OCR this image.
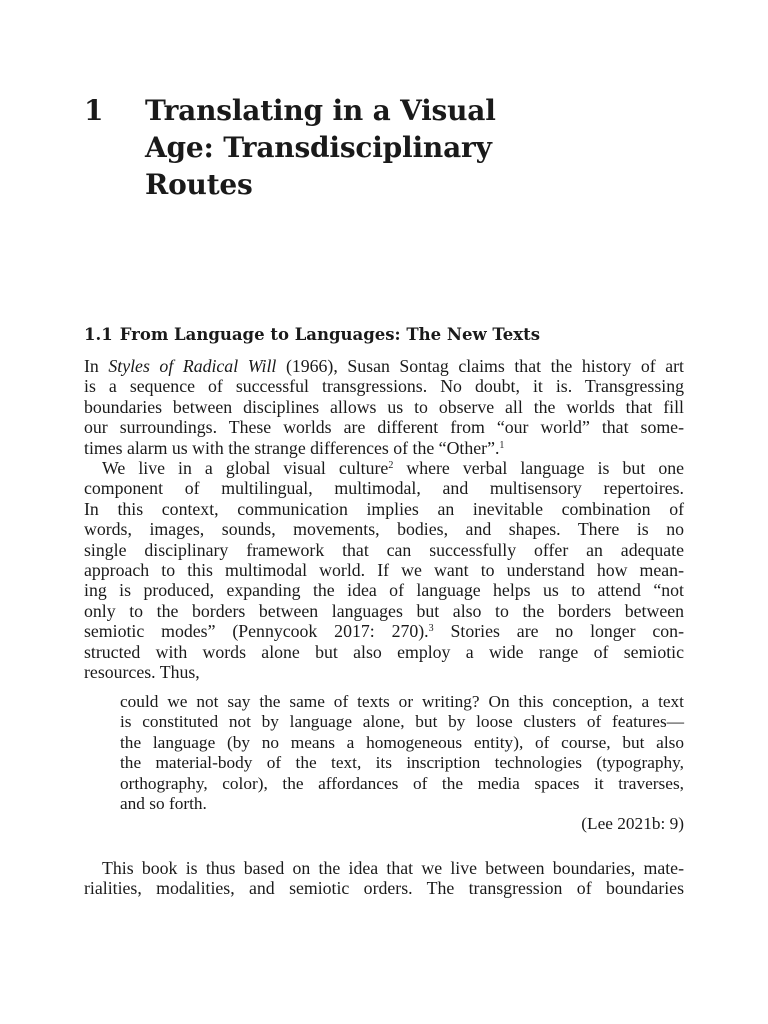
1	Translating in a Visual
Age: Transdisciplinary
Routes
1.1 From Language to Languages: The New Texts
In Styles of Radical Will (1966), Susan Sontag claims that the history of art
is a sequence of successful transgressions. No doubt, it is. Transgressing
boundaries between disciplines allows us to observe all the worlds that fill
our surroundings. These worlds are different from “our world” that some-
times alarm us with the strange differences of the “Other”.$^1$
We live in a global visual culture$^2$ where verbal language is but one
component of multilingual, multimodal, and multisensory repertoires.
In this context, communication implies an inevitable combination of
words, images, sounds, movements, bodies, and shapes. There is no
single disciplinary framework that can successfully offer an adequate
approach to this multimodal world. If we want to understand how mean-
ing is produced, expanding the idea of language helps us to attend “not
only to the borders between languages but also to the borders between
semiotic modes” (Pennycook 2017: 270).$^3$ Stories are no longer con-
structed with words alone but also employ a wide range of semiotic
resources. Thus,
could we not say the same of texts or writing? On this conception, a text
is constituted not by language alone, but by loose clusters of features—
the language (by no means a homogeneous entity), of course, but also
the material-body of the text, its inscription technologies (typography,
orthography, color), the affordances of the media spaces it traverses,
and so forth.
(Lee 2021b: 9)
This book is thus based on the idea that we live between boundaries, mate-
rialities, modalities, and semiotic orders. The transgression of boundaries
